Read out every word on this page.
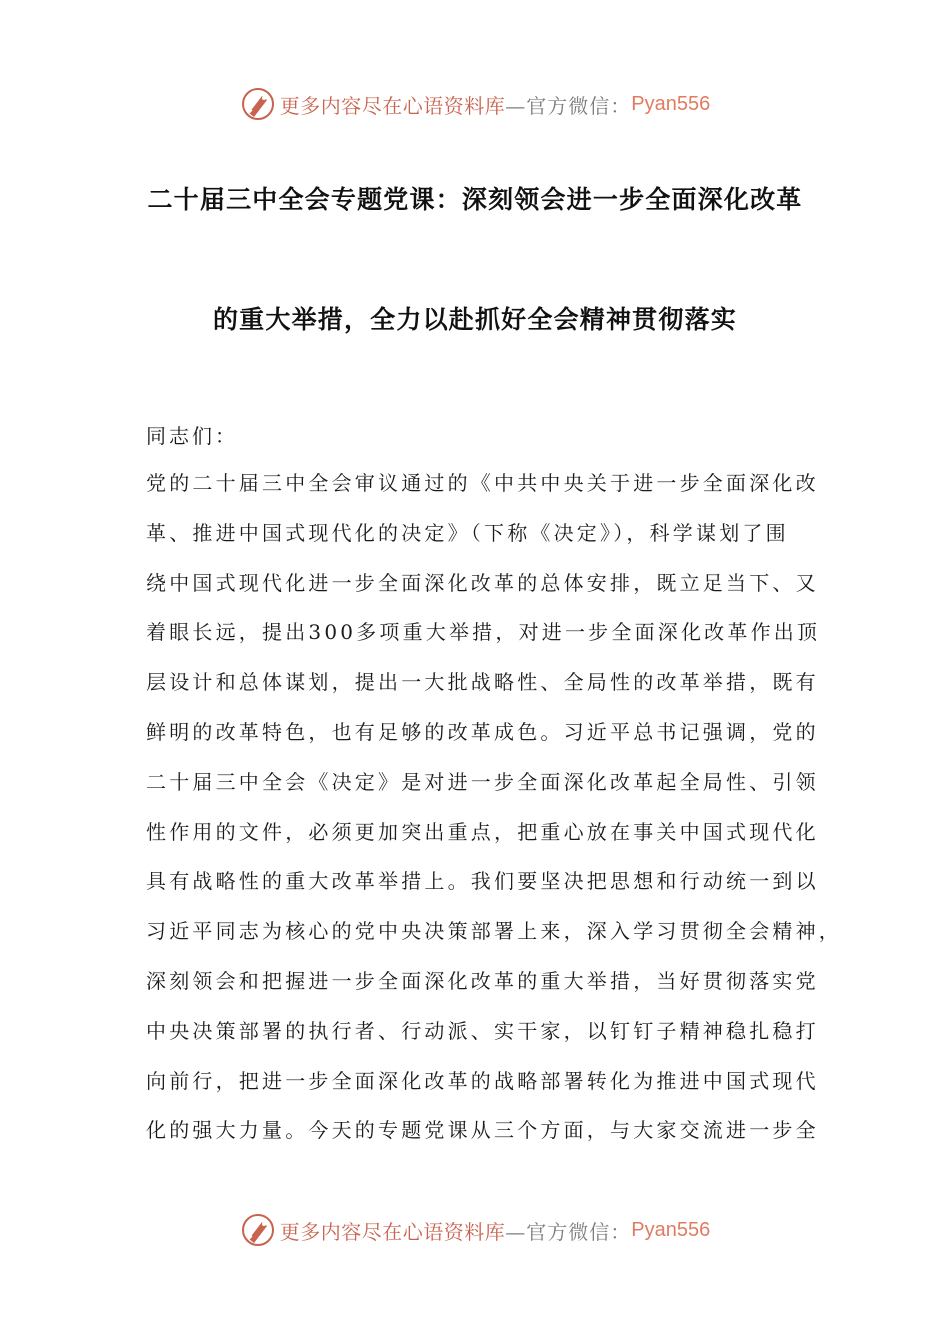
更多内容尽在心语资料库 —官方微信： Pyan556
二十届三中全会专题党课：深刻领会进一步全面深化改革
的重大举措，全力以赴抓好全会精神贯彻落实
同志们：
党的二十届三中全会审议通过的《中共中央关于进一步全面深化改
革、推进中国式现代化的决定》（下称《决定》），科学谋划了围
绕中国式现代化进一步全面深化改革的总体安排，既立足当下、又
着眼长远，提出300多项重大举措，对进一步全面深化改革作出顶
层设计和总体谋划，提出一大批战略性、全局性的改革举措，既有
鲜明的改革特色，也有足够的改革成色。习近平总书记强调，党的
二十届三中全会《决定》是对进一步全面深化改革起全局性、引领
性作用的文件，必须更加突出重点，把重心放在事关中国式现代化
具有战略性的重大改革举措上。我们要坚决把思想和行动统一到以
习近平同志为核心的党中央决策部署上来，深入学习贯彻全会精神，
深刻领会和把握进一步全面深化改革的重大举措，当好贯彻落实党
中央决策部署的执行者、行动派、实干家，以钉钉子精神稳扎稳打
向前行，把进一步全面深化改革的战略部署转化为推进中国式现代
化的强大力量。今天的专题党课从三个方面，与大家交流进一步全
更多内容尽在心语资料库 —官方微信： Pyan556
